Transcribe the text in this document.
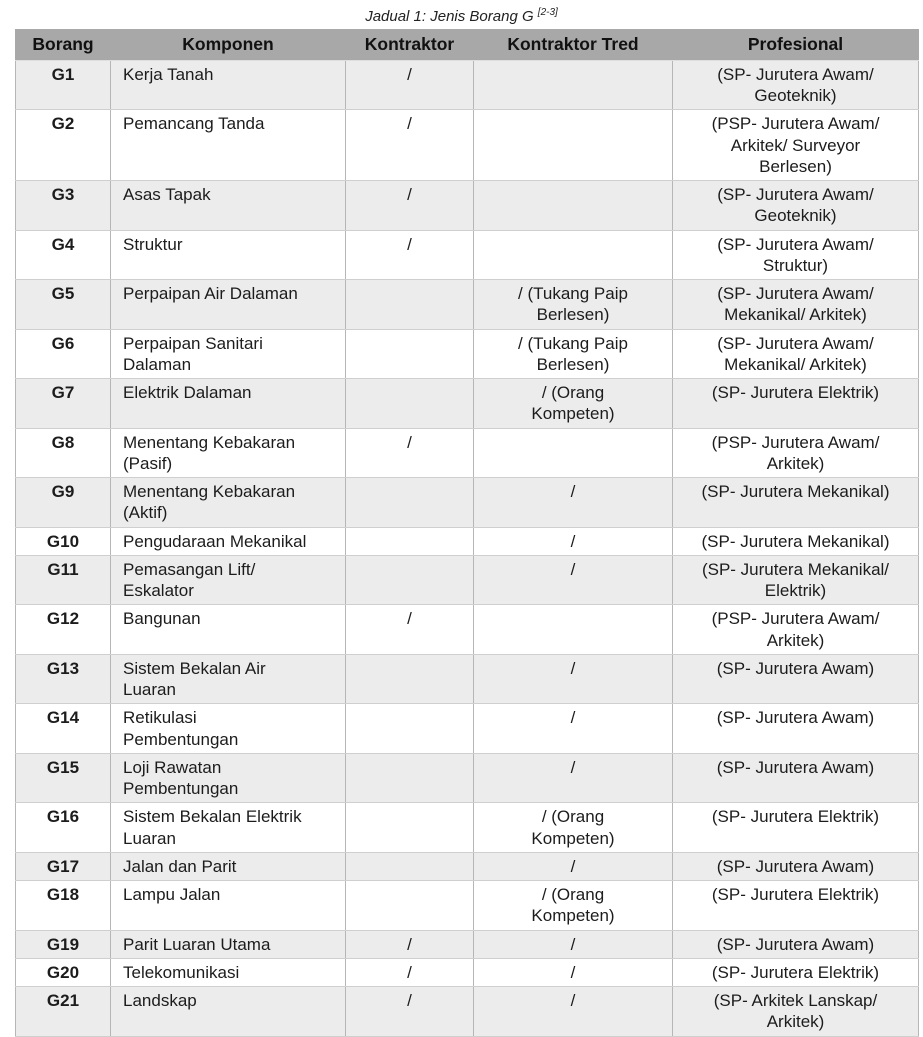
Jadual 1: Jenis Borang G [2-3]
Borang	Komponen	Kontraktor	Kontraktor Tred	Profesional
G1	Kerja Tanah	/		(SP- Jurutera Awam/ Geoteknik)
G2	Pemancang Tanda	/		(PSP- Jurutera Awam/ Arkitek/ Surveyor Berlesen)
G3	Asas Tapak	/		(SP- Jurutera Awam/ Geoteknik)
G4	Struktur	/		(SP- Jurutera Awam/ Struktur)
G5	Perpaipan Air Dalaman		/ (Tukang Paip Berlesen)	(SP- Jurutera Awam/ Mekanikal/ Arkitek)
G6	Perpaipan Sanitari Dalaman		/ (Tukang Paip Berlesen)	(SP- Jurutera Awam/ Mekanikal/ Arkitek)
G7	Elektrik Dalaman		/ (Orang Kompeten)	(SP- Jurutera Elektrik)
G8	Menentang Kebakaran (Pasif)	/		(PSP- Jurutera Awam/ Arkitek)
G9	Menentang Kebakaran (Aktif)		/	(SP- Jurutera Mekanikal)
G10	Pengudaraan Mekanikal		/	(SP- Jurutera Mekanikal)
G11	Pemasangan Lift/ Eskalator		/	(SP- Jurutera Mekanikal/ Elektrik)
G12	Bangunan	/		(PSP- Jurutera Awam/ Arkitek)
G13	Sistem Bekalan Air Luaran		/	(SP- Jurutera Awam)
G14	Retikulasi Pembentungan		/	(SP- Jurutera Awam)
G15	Loji Rawatan Pembentungan		/	(SP- Jurutera Awam)
G16	Sistem Bekalan Elektrik Luaran		/ (Orang Kompeten)	(SP- Jurutera Elektrik)
G17	Jalan dan Parit		/	(SP- Jurutera Awam)
G18	Lampu Jalan		/ (Orang Kompeten)	(SP- Jurutera Elektrik)
G19	Parit Luaran Utama	/	/	(SP- Jurutera Awam)
G20	Telekomunikasi	/	/	(SP- Jurutera Elektrik)
G21	Landskap	/	/	(SP- Arkitek Lanskap/ Arkitek)
